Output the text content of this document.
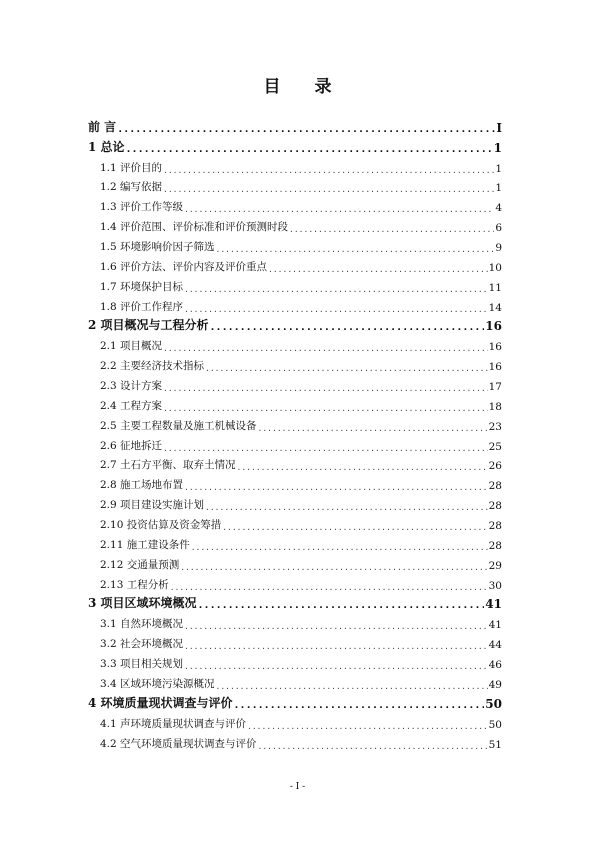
目 录
前 言 .....	I
1 总论 .....	1
1.1 评价目的 .....	1
1.2 编写依据 .....	1
1.3 评价工作等级 .....	4
1.4 评价范围、评价标准和评价预测时段 .....	6
1.5 环境影响价因子筛选 .....	9
1.6 评价方法、评价内容及评价重点 .....	10
1.7 环境保护目标 .....	11
1.8 评价工作程序 .....	14
2 项目概况与工程分析 .....	16
2.1 项目概况 .....	16
2.2 主要经济技术指标 .....	16
2.3 设计方案 .....	17
2.4 工程方案 .....	18
2.5 主要工程数量及施工机械设备 .....	23
2.6 征地拆迁 .....	25
2.7 土石方平衡、取弃土情况 .....	26
2.8 施工场地布置 .....	28
2.9 项目建设实施计划 .....	28
2.10 投资估算及资金筹措 .....	28
2.11 施工建设条件 .....	28
2.12 交通量预测 .....	29
2.13 工程分析 .....	30
3 项目区域环境概况 .....	41
3.1 自然环境概况 .....	41
3.2 社会环境概况 .....	44
3.3 项目相关规划 .....	46
3.4 区域环境污染源概况 .....	49
4 环境质量现状调查与评价 .....	50
4.1 声环境质量现状调查与评价 .....	50
4.2 空气环境质量现状调查与评价 .....	51
- I -
